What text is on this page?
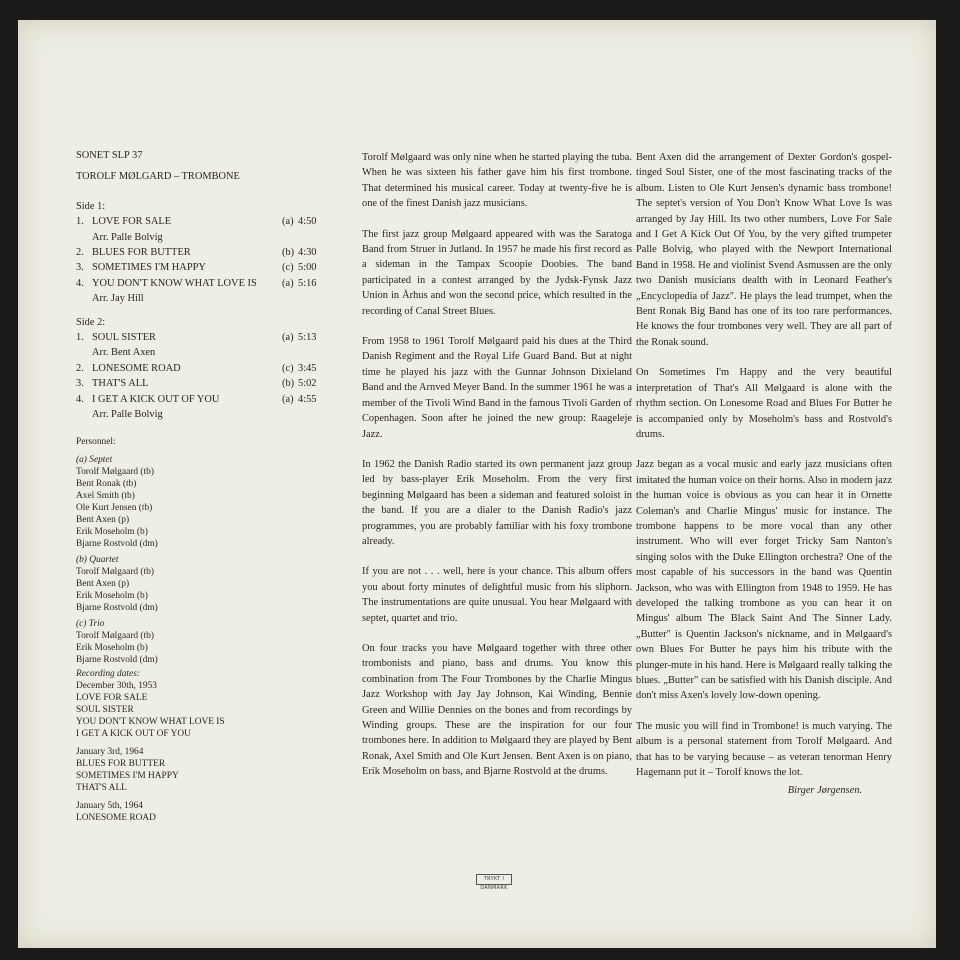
SONET SLP 37
TOROLF MØLGARD – TROMBONE
Side 1:
1. LOVE FOR SALE	(a) 4:50
Arr. Palle Bolvig
2. BLUES FOR BUTTER	(b) 4:30
3. SOMETIMES I'M HAPPY	(c) 5:00
4. YOU DON'T KNOW WHAT LOVE IS (a) 5:16
Arr. Jay Hill
Side 2:
1. SOUL SISTER	(a) 5:13
Arr. Bent Axen
2. LONESOME ROAD	(c) 3:45
3. THAT'S ALL	(b) 5:02
4. I GET A KICK OUT OF YOU	(a) 4:55
Arr. Palle Bolvig
Personnel:
(a) Septet
Torolf Mølgaard (tb)
Bent Ronak (tb)
Axel Smith (tb)
Ole Kurt Jensen (tb)
Bent Axen (p)
Erik Moseholm (b)
Bjarne Rostvold (dm)
(b) Quartet
Torolf Mølgaard (tb)
Bent Axen (p)
Erik Moseholm (b)
Bjarne Rostvold (dm)
(c) Trio
Torolf Mølgaard (tb)
Erik Moseholm (b)
Bjarne Rostvold (dm)
Recording dates:
December 30th, 1953
LOVE FOR SALE
SOUL SISTER
YOU DON'T KNOW WHAT LOVE IS
I GET A KICK OUT OF YOU
January 3rd, 1964
BLUES FOR BUTTER
SOMETIMES I'M HAPPY
THAT'S ALL
January 5th, 1964
LONESOME ROAD

Torolf Mølgaard was only nine when he started playing the tuba. When he was sixteen his father gave him his first trombone. That determined his musical career. Today at twenty-five he is one of the finest Danish jazz musicians.

The first jazz group Mølgaard appeared with was the Saratoga Band from Struer in Jutland. In 1957 he made his first record as a sideman in the Tampax Scoopie Doobies. The band participated in a contest arranged by the Jydsk-Fynsk Jazz Union in Århus and won the second price, which resulted in the recording of Canal Street Blues.

From 1958 to 1961 Torolf Mølgaard paid his dues at the Third Danish Regiment and the Royal Life Guard Band. But at night time he played his jazz with the Gunnar Johnson Dixieland Band and the Arnved Meyer Band. In the summer 1961 he was a member of the Tivoli Wind Band in the famous Tivoli Garden of Copenhagen. Soon after he joined the new group: Raageleje Jazz.

In 1962 the Danish Radio started its own permanent jazz group led by bass-player Erik Moseholm. From the very first beginning Mølgaard has been a sideman and featured soloist in the band. If you are a dialer to the Danish Radio's jazz programmes, you are probably familiar with his foxy trombone already.

If you are not . . . well, here is your chance. This album offers you about forty minutes of delightful music from his sliphorn. The instrumentations are quite unusual. You hear Mølgaard with septet, quartet and trio.

On four tracks you have Mølgaard together with three other trombonists and piano, bass and drums. You know this combination from The Four Trombones by the Charlie Mingus Jazz Workshop with Jay Jay Johnson, Kai Winding, Bennie Green and Willie Dennies on the bones and from recordings by Winding groups. These are the inspiration for our four trombones here. In addition to Mølgaard they are played by Bent Ronak, Axel Smith and Ole Kurt Jensen. Bent Axen is on piano, Erik Moseholm on bass, and Bjarne Rostvold at the drums.

Bent Axen did the arrangement of Dexter Gordon's gospel-tinged Soul Sister, one of the most fascinating tracks of the album. Listen to Ole Kurt Jensen's dynamic bass trombone! The septet's version of You Don't Know What Love Is was arranged by Jay Hill. Its two other numbers, Love For Sale and I Get A Kick Out Of You, by the very gifted trumpeter Palle Bolvig, who played with the Newport International Band in 1958. He and violinist Svend Asmussen are the only two Danish musicians dealth with in Leonard Feather's „Encyclopedia of Jazz". He plays the lead trumpet, when the Bent Ronak Big Band has one of its too rare performances. He knows the four trombones very well. They are all part of the Ronak sound.

On Sometimes I'm Happy and the very beautiful interpretation of That's All Mølgaard is alone with the rhythm section. On Lonesome Road and Blues For Butter he is accompanied only by Moseholm's bass and Rostvold's drums.

Jazz began as a vocal music and early jazz musicians often imitated the human voice on their horns. Also in modern jazz the human voice is obvious as you can hear it in Ornette Coleman's and Charlie Mingus' music for instance. The trombone happens to be more vocal than any other instrument. Who will ever forget Tricky Sam Nanton's singing solos with the Duke Ellington orchestra? One of the most capable of his successors in the band was Quentin Jackson, who was with Ellington from 1948 to 1959. He has developed the talking trombone as you can hear it on Mingus' album The Black Saint And The Sinner Lady. „Butter" is Quentin Jackson's nickname, and in Mølgaard's own Blues For Butter he pays him his tribute with the plunger-mute in his hand. Here is Mølgaard really talking the blues. „Butter" can be satisfied with his Danish disciple. And don't miss Axen's lovely low-down opening.

The music you will find in Trombone! is much varying. The album is a personal statement from Torolf Mølgaard. And that has to be varying because – as veteran tenorman Henry Hagemann put it – Torolf knows the lot.

Birger Jørgensen.
TRYKT I DANMARK
